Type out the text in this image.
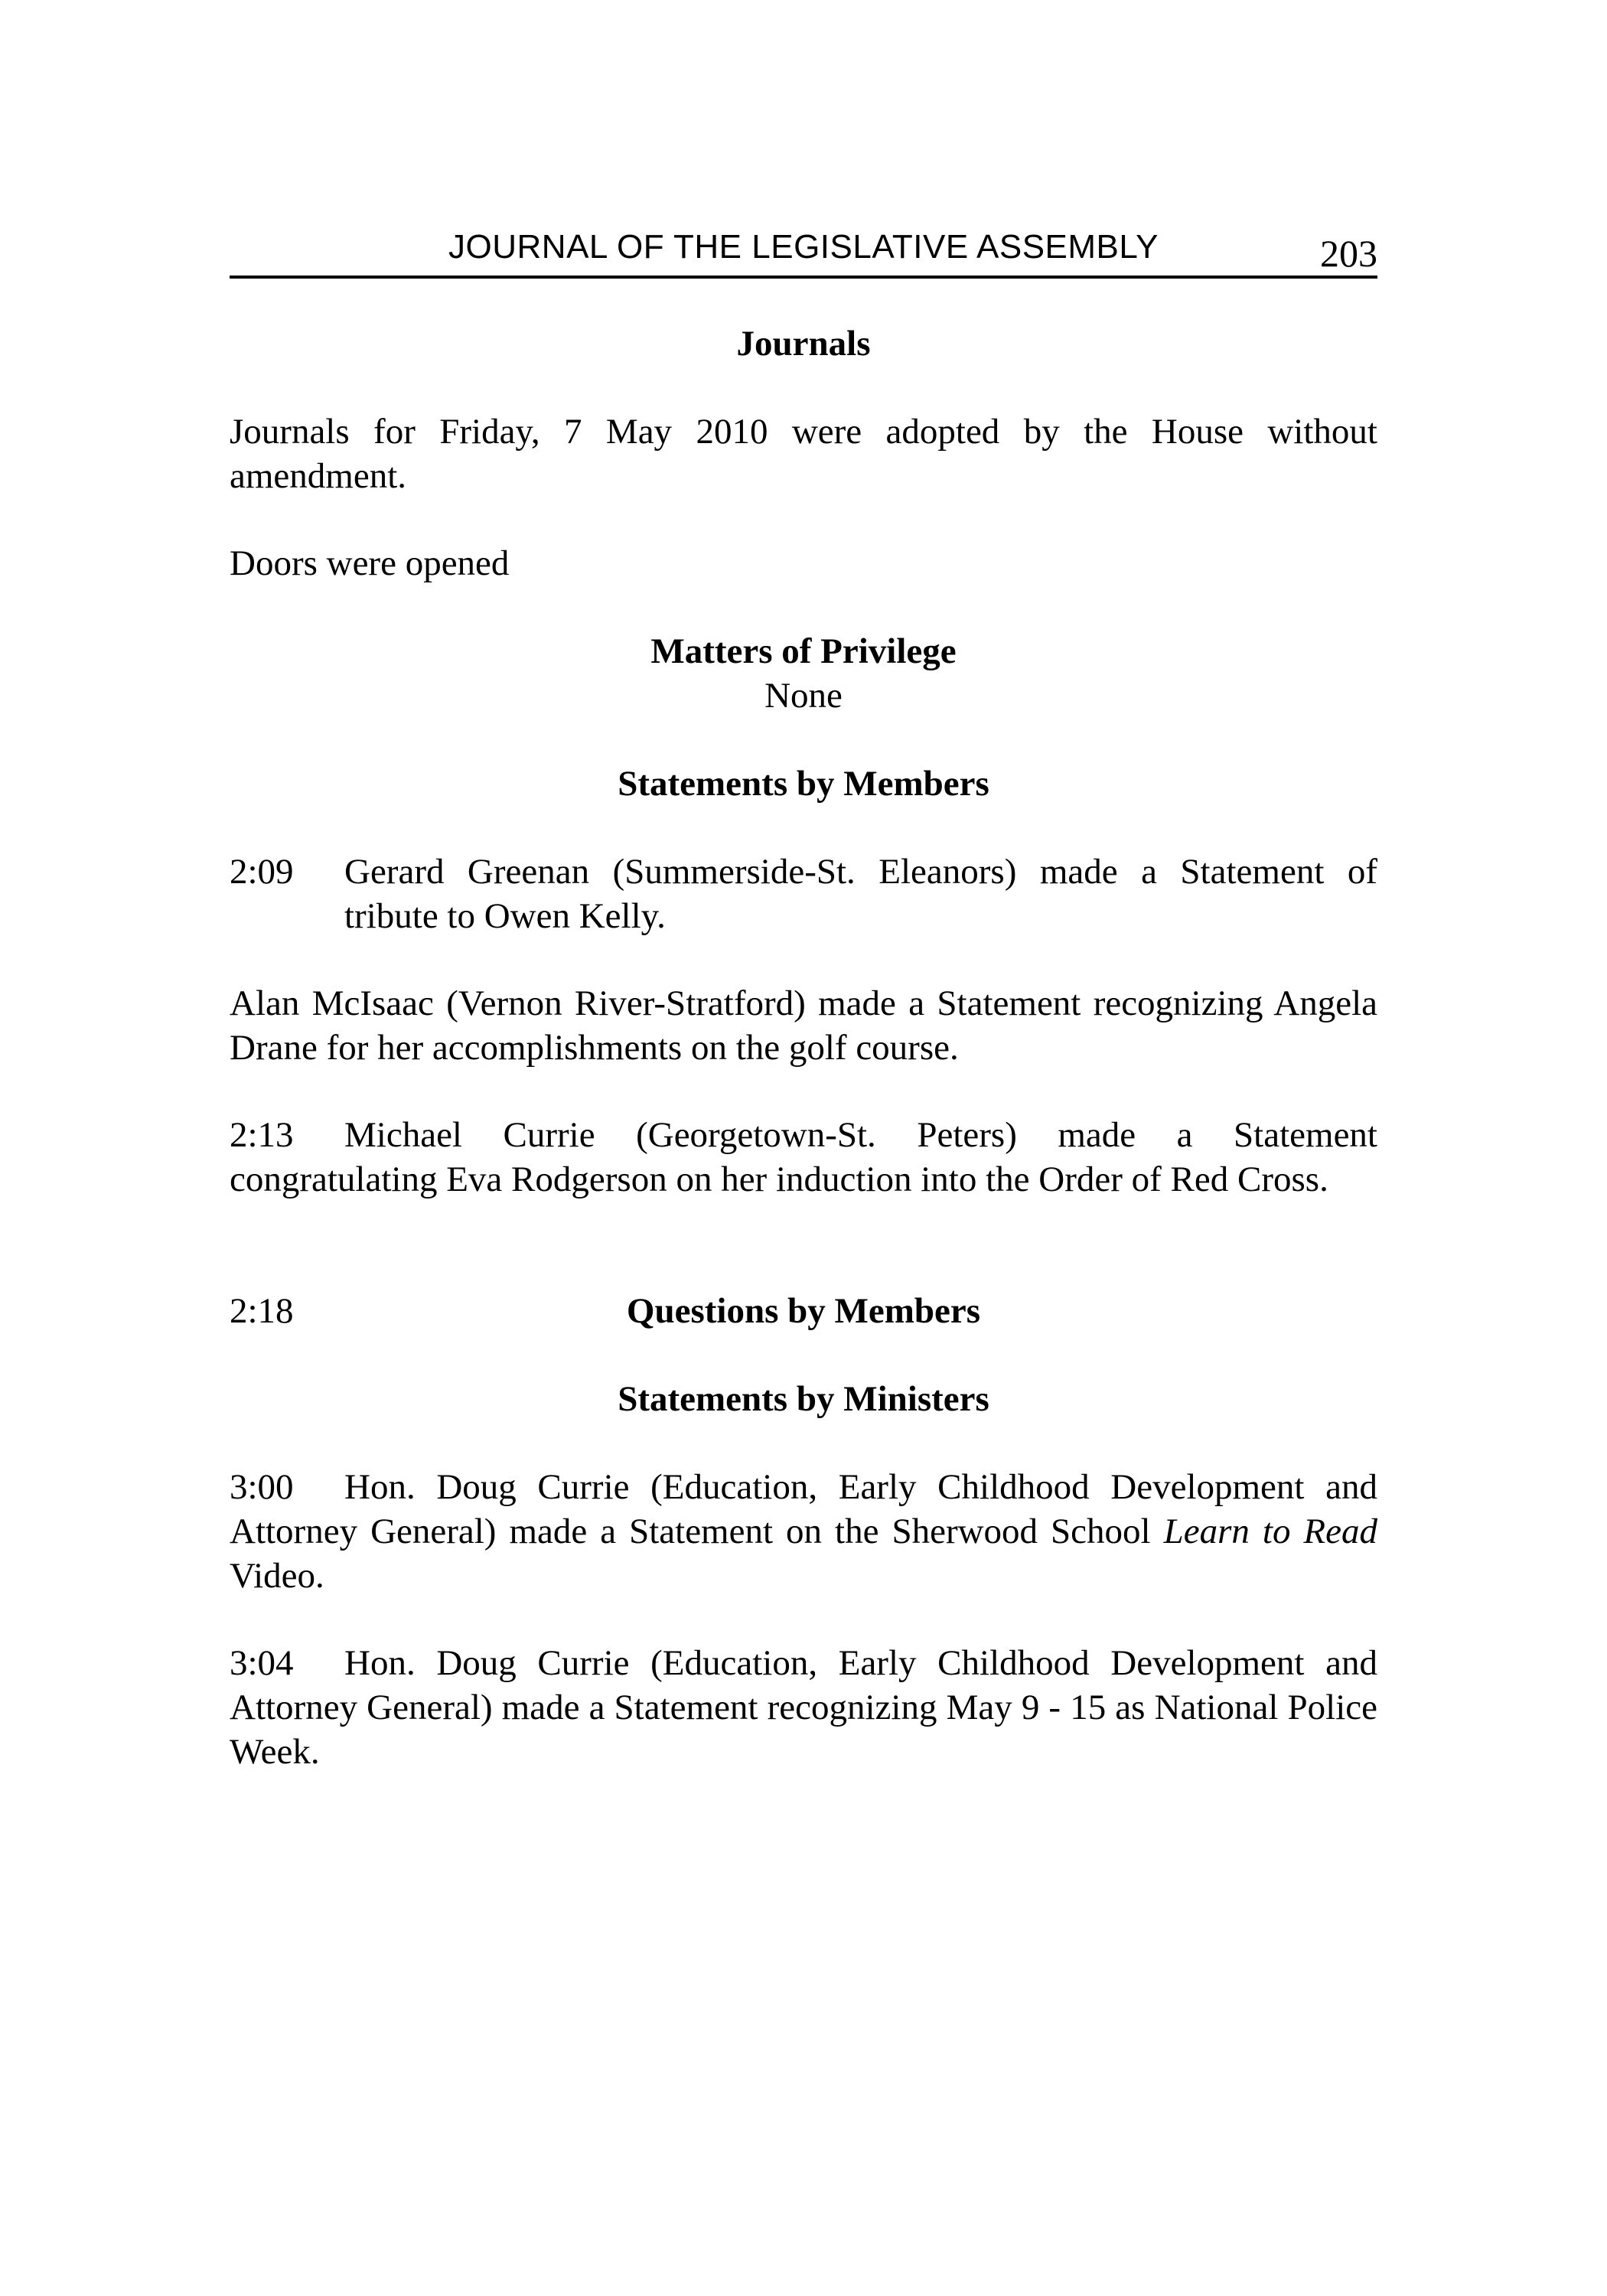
JOURNAL OF THE LEGISLATIVE ASSEMBLY	203
Journals

Journals for Friday, 7 May 2010 were adopted by the House without amendment.

Doors were opened

Matters of Privilege
None
Statements by Members
2:09 Gerard Greenan (Summerside-St. Eleanors) made a Statement of tribute to Owen Kelly.

Alan McIsaac (Vernon River-Stratford) made a Statement recognizing Angela Drane for her accomplishments on the golf course.

2:13 Michael Currie (Georgetown-St. Peters) made a Statement
congratulating Eva Rodgerson on her induction into the Order of Red Cross.
2:18	Questions by Members
Statements by Ministers

3:00 Hon. Doug Currie (Education, Early Childhood Development and Attorney General) made a Statement on the Sherwood School Learn to Read Video.

3:04 Hon. Doug Currie (Education, Early Childhood Development and Attorney General) made a Statement recognizing May 9 - 15 as National Police Week.
